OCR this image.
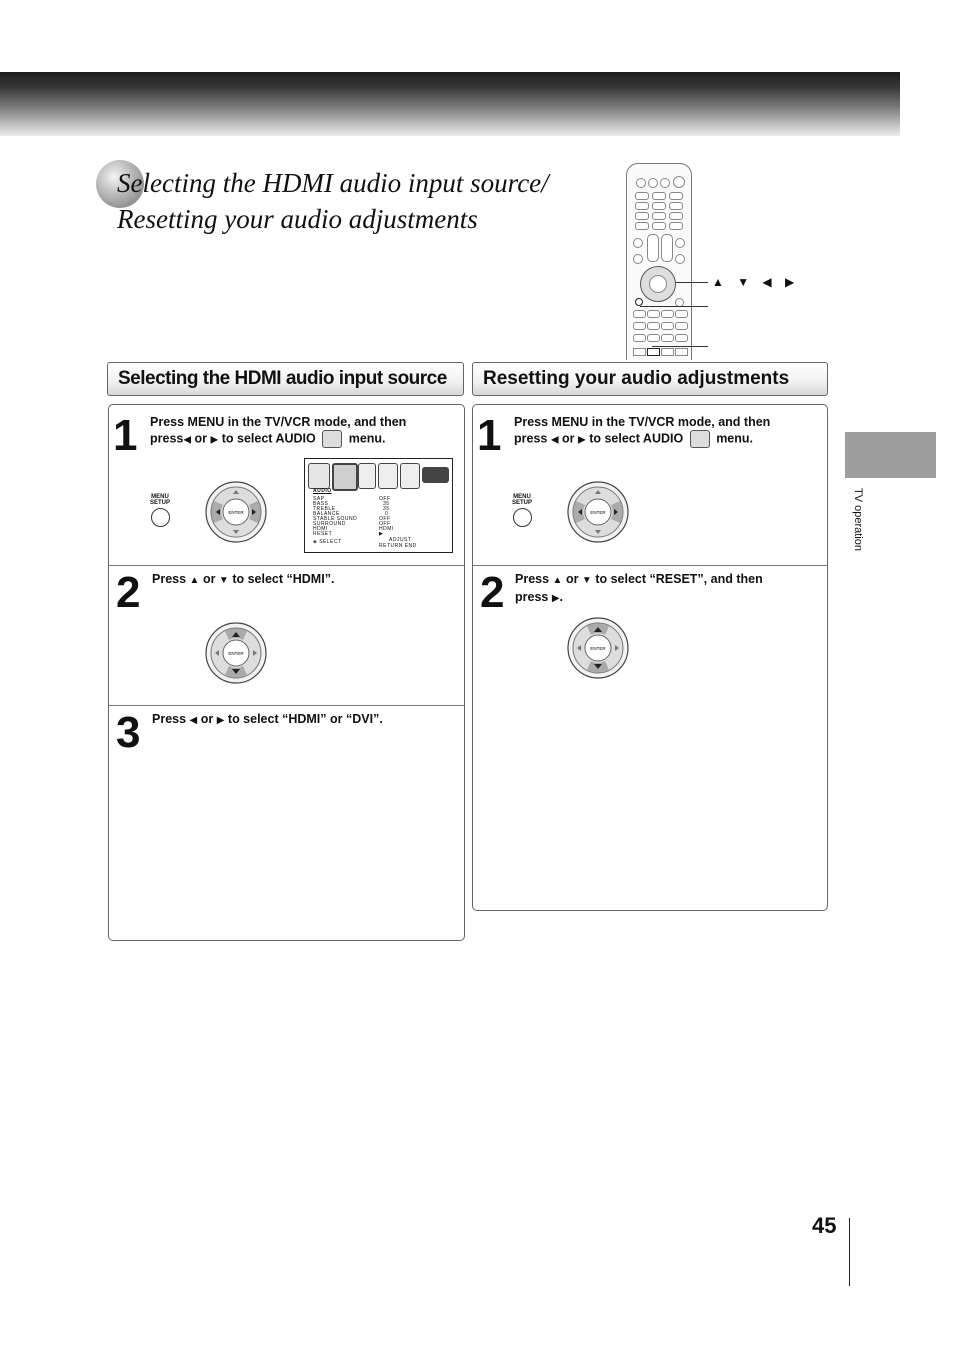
Selecting the HDMI audio input source/
Resetting your audio adjustments
▲ ▼ ◀ ▶
Selecting the HDMI audio input source
1 Press MENU in the TV/VCR mode, and then
press◀ or ▶ to select AUDIO	menu.
MENU
SETUP
ENTER
AUDIO
SAP	OFF
BASS	35
TREBLE	35
BALANCE	0
STABLE SOUND	OFF
SURROUND	OFF
HDMI	HDMI
RESET	▶
◈ SELECT	ADJUST
RETURN END
2 Press ▲ or ▼ to select “HDMI”.
ENTER
3 Press ◀ or ▶ to select “HDMI” or “DVI”.
Resetting your audio adjustments
1 Press MENU in the TV/VCR mode, and then
press ◀ or ▶ to select AUDIO	menu.
MENU
SETUP
ENTER
2 Press ▲ or ▼ to select “RESET”, and then
press ▶.
ENTER
TV operation
45
